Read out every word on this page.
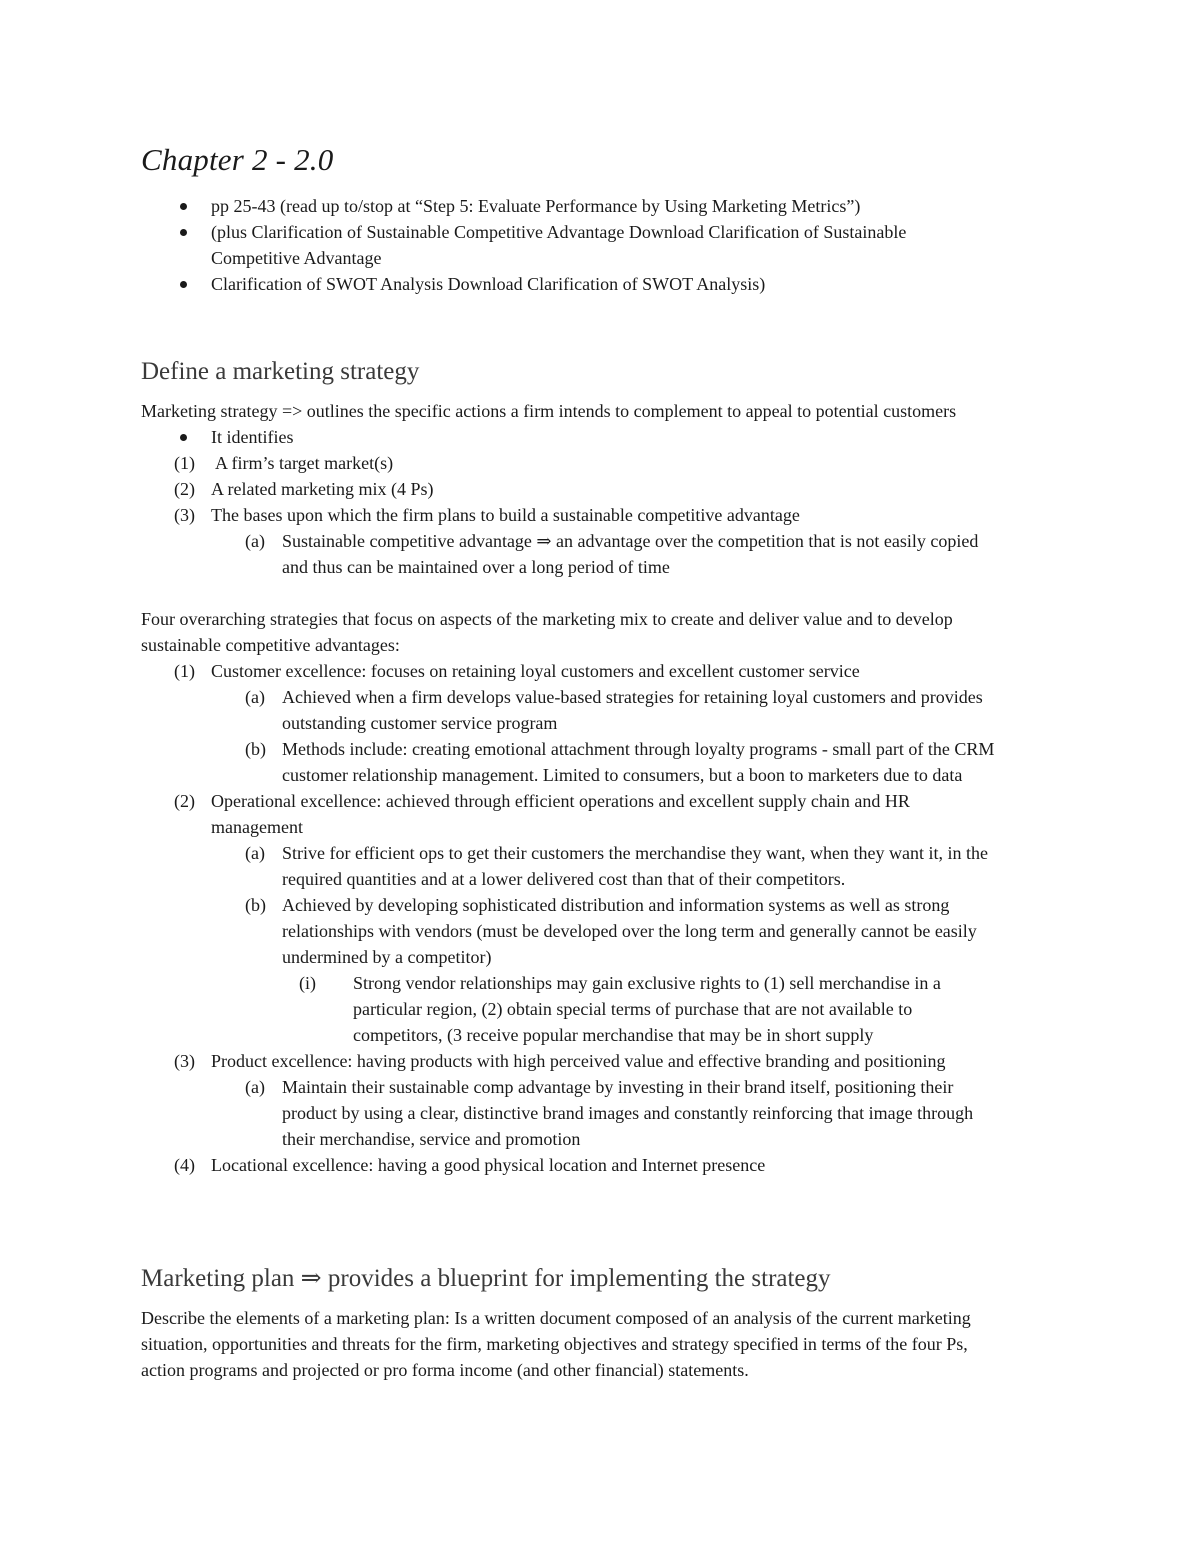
Chapter 2 - 2.0
pp 25-43 (read up to/stop at “Step 5: Evaluate Performance by Using Marketing Metrics”)
(plus Clarification of Sustainable Competitive Advantage Download Clarification of Sustainable
Competitive Advantage
Clarification of SWOT Analysis Download Clarification of SWOT Analysis)
Define a marketing strategy
Marketing strategy => outlines the specific actions a firm intends to complement to appeal to potential customers
It identifies
(1) A firm’s target market(s)
(2) A related marketing mix (4 Ps)
(3) The bases upon which the firm plans to build a sustainable competitive advantage
(a) Sustainable competitive advantage ⇒ an advantage over the competition that is not easily copied
and thus can be maintained over a long period of time
Four overarching strategies that focus on aspects of the marketing mix to create and deliver value and to develop
sustainable competitive advantages:
(1) Customer excellence: focuses on retaining loyal customers and excellent customer service
(a) Achieved when a firm develops value-based strategies for retaining loyal customers and provides
outstanding customer service program
(b) Methods include: creating emotional attachment through loyalty programs - small part of the CRM
customer relationship management. Limited to consumers, but a boon to marketers due to data
(2) Operational excellence: achieved through efficient operations and excellent supply chain and HR
management
(a) Strive for efficient ops to get their customers the merchandise they want, when they want it, in the
required quantities and at a lower delivered cost than that of their competitors.
(b) Achieved by developing sophisticated distribution and information systems as well as strong
relationships with vendors (must be developed over the long term and generally cannot be easily
undermined by a competitor)
(i) Strong vendor relationships may gain exclusive rights to (1) sell merchandise in a
particular region, (2) obtain special terms of purchase that are not available to
competitors, (3 receive popular merchandise that may be in short supply
(3) Product excellence: having products with high perceived value and effective branding and positioning
(a) Maintain their sustainable comp advantage by investing in their brand itself, positioning their
product by using a clear, distinctive brand images and constantly reinforcing that image through
their merchandise, service and promotion
(4) Locational excellence: having a good physical location and Internet presence
Marketing plan ⇒ provides a blueprint for implementing the strategy
Describe the elements of a marketing plan: Is a written document composed of an analysis of the current marketing
situation, opportunities and threats for the firm, marketing objectives and strategy specified in terms of the four Ps,
action programs and projected or pro forma income (and other financial) statements.
